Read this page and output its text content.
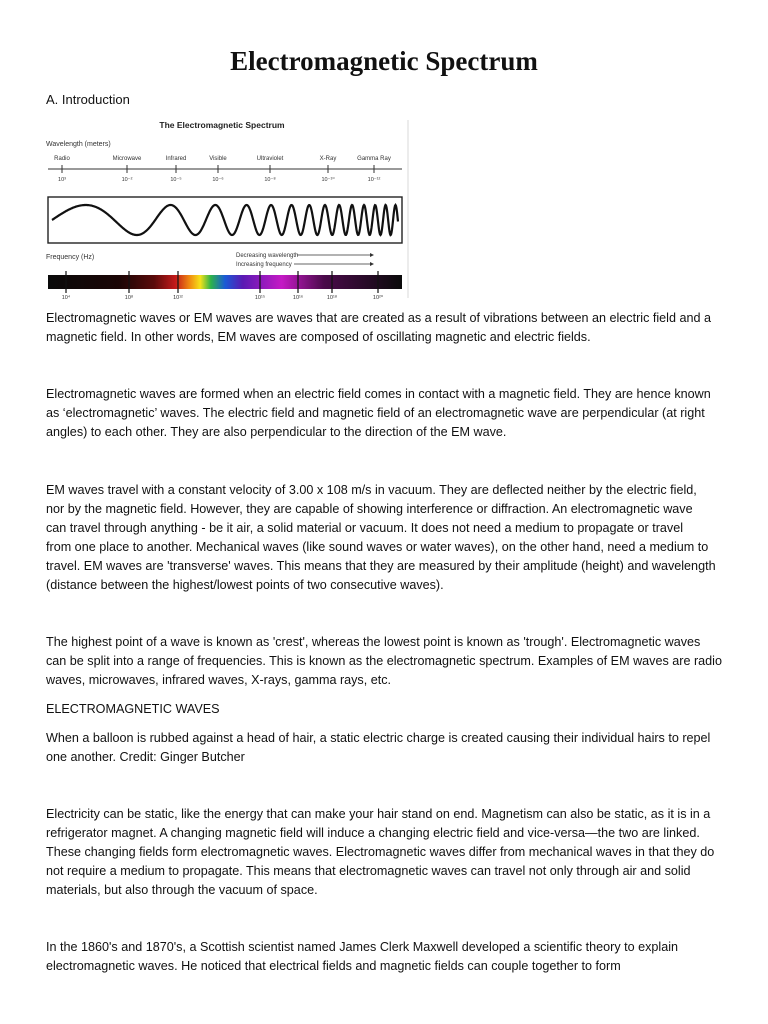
Electromagnetic Spectrum
A. Introduction
The Electromagnetic Spectrum
Wavelength (meters)
Radio	Microwave	Infrared	Visible	Ultraviolet	X-Ray	Gamma Ray
10³	10⁻²	10⁻⁵	10⁻⁶	10⁻⁸	10⁻¹⁰	10⁻¹²
Frequency (Hz)	Decreasing wavelength
Increasing frequency
10⁴	10⁸	10¹²	10¹⁵	10¹⁶	10¹⁸	10²⁰

Electromagnetic waves or EM waves are waves that are created as a result of vibrations between an electric field and a
magnetic field. In other words, EM waves are composed of oscillating magnetic and electric fields.

Electromagnetic waves are formed when an electric field comes in contact with a magnetic field. They are hence known
as ‘electromagnetic’ waves. The electric field and magnetic field of an electromagnetic wave are perpendicular (at right
angles) to each other. They are also perpendicular to the direction of the EM wave.

EM waves travel with a constant velocity of 3.00 x 108 m/s in vacuum. They are deflected neither by the electric field,
nor by the magnetic field. However, they are capable of showing interference or diffraction. An electromagnetic wave
can travel through anything - be it air, a solid material or vacuum. It does not need a medium to propagate or travel
from one place to another. Mechanical waves (like sound waves or water waves), on the other hand, need a medium to
travel. EM waves are 'transverse' waves. This means that they are measured by their amplitude (height) and wavelength
(distance between the highest/lowest points of two consecutive waves).

The highest point of a wave is known as 'crest', whereas the lowest point is known as 'trough'. Electromagnetic waves
can be split into a range of frequencies. This is known as the electromagnetic spectrum. Examples of EM waves are radio
waves, microwaves, infrared waves, X-rays, gamma rays, etc.

ELECTROMAGNETIC WAVES

When a balloon is rubbed against a head of hair, a static electric charge is created causing their individual hairs to repel
one another. Credit: Ginger Butcher

Electricity can be static, like the energy that can make your hair stand on end. Magnetism can also be static, as it is in a
refrigerator magnet. A changing magnetic field will induce a changing electric field and vice-versa—the two are linked.
These changing fields form electromagnetic waves. Electromagnetic waves differ from mechanical waves in that they do
not require a medium to propagate. This means that electromagnetic waves can travel not only through air and solid
materials, but also through the vacuum of space.

In the 1860's and 1870's, a Scottish scientist named James Clerk Maxwell developed a scientific theory to explain
electromagnetic waves. He noticed that electrical fields and magnetic fields can couple together to form
